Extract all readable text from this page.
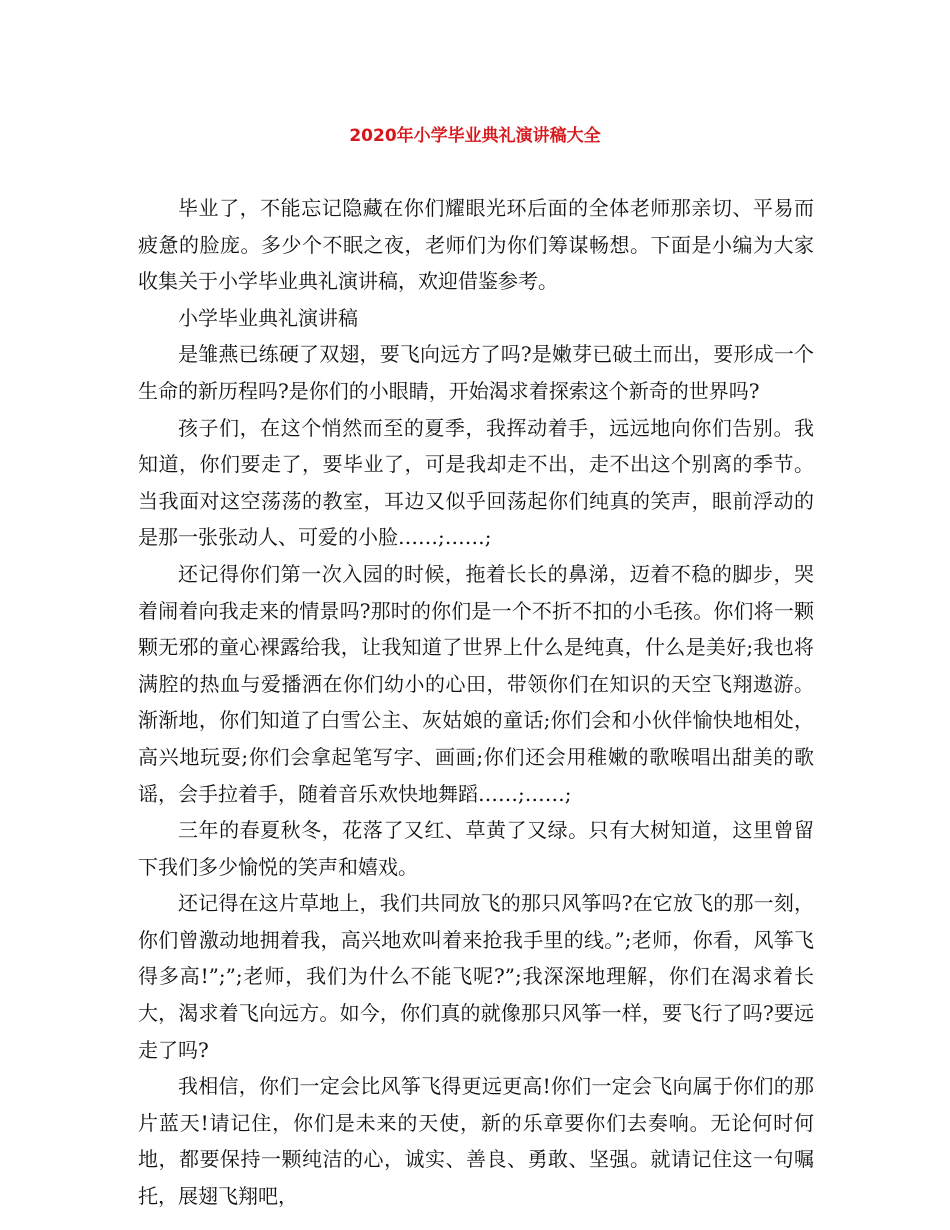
2020年小学毕业典礼演讲稿大全

毕业了，不能忘记隐藏在你们耀眼光环后面的全体老师那亲切、平易而疲惫的脸庞。多少个不眠之夜，老师们为你们筹谋畅想。下面是小编为大家收集关于小学毕业典礼演讲稿，欢迎借鉴参考。

小学毕业典礼演讲稿

是雏燕已练硬了双翅，要飞向远方了吗?是嫩芽已破土而出，要形成一个生命的新历程吗?是你们的小眼睛，开始渴求着探索这个新奇的世界吗?

孩子们，在这个悄然而至的夏季，我挥动着手，远远地向你们告别。我知道，你们要走了，要毕业了，可是我却走不出，走不出这个别离的季节。当我面对这空荡荡的教室，耳边又似乎回荡起你们纯真的笑声，眼前浮动的是那一张张动人、可爱的小脸……;……;

还记得你们第一次入园的时候，拖着长长的鼻涕，迈着不稳的脚步，哭着闹着向我走来的情景吗?那时的你们是一个不折不扣的小毛孩。你们将一颗颗无邪的童心裸露给我，让我知道了世界上什么是纯真，什么是美好;我也将满腔的热血与爱播洒在你们幼小的心田，带领你们在知识的天空飞翔遨游。渐渐地，你们知道了白雪公主、灰姑娘的童话;你们会和小伙伴愉快地相处，高兴地玩耍;你们会拿起笔写字、画画;你们还会用稚嫩的歌喉唱出甜美的歌谣，会手拉着手，随着音乐欢快地舞蹈……;……;

三年的春夏秋冬，花落了又红、草黄了又绿。只有大树知道，这里曾留下我们多少愉悦的笑声和嬉戏。

还记得在这片草地上，我们共同放飞的那只风筝吗?在它放飞的那一刻，你们曾激动地拥着我，高兴地欢叫着来抢我手里的线。”;老师，你看，风筝飞得多高!”;”;老师，我们为什么不能飞呢?”;我深深地理解，你们在渴求着长大，渴求着飞向远方。如今，你们真的就像那只风筝一样，要飞行了吗?要远走了吗?

我相信，你们一定会比风筝飞得更远更高!你们一定会飞向属于你们的那片蓝天!请记住，你们是未来的天使，新的乐章要你们去奏响。无论何时何地，都要保持一颗纯洁的心，诚实、善良、勇敢、坚强。就请记住这一句嘱托，展翅飞翔吧，
